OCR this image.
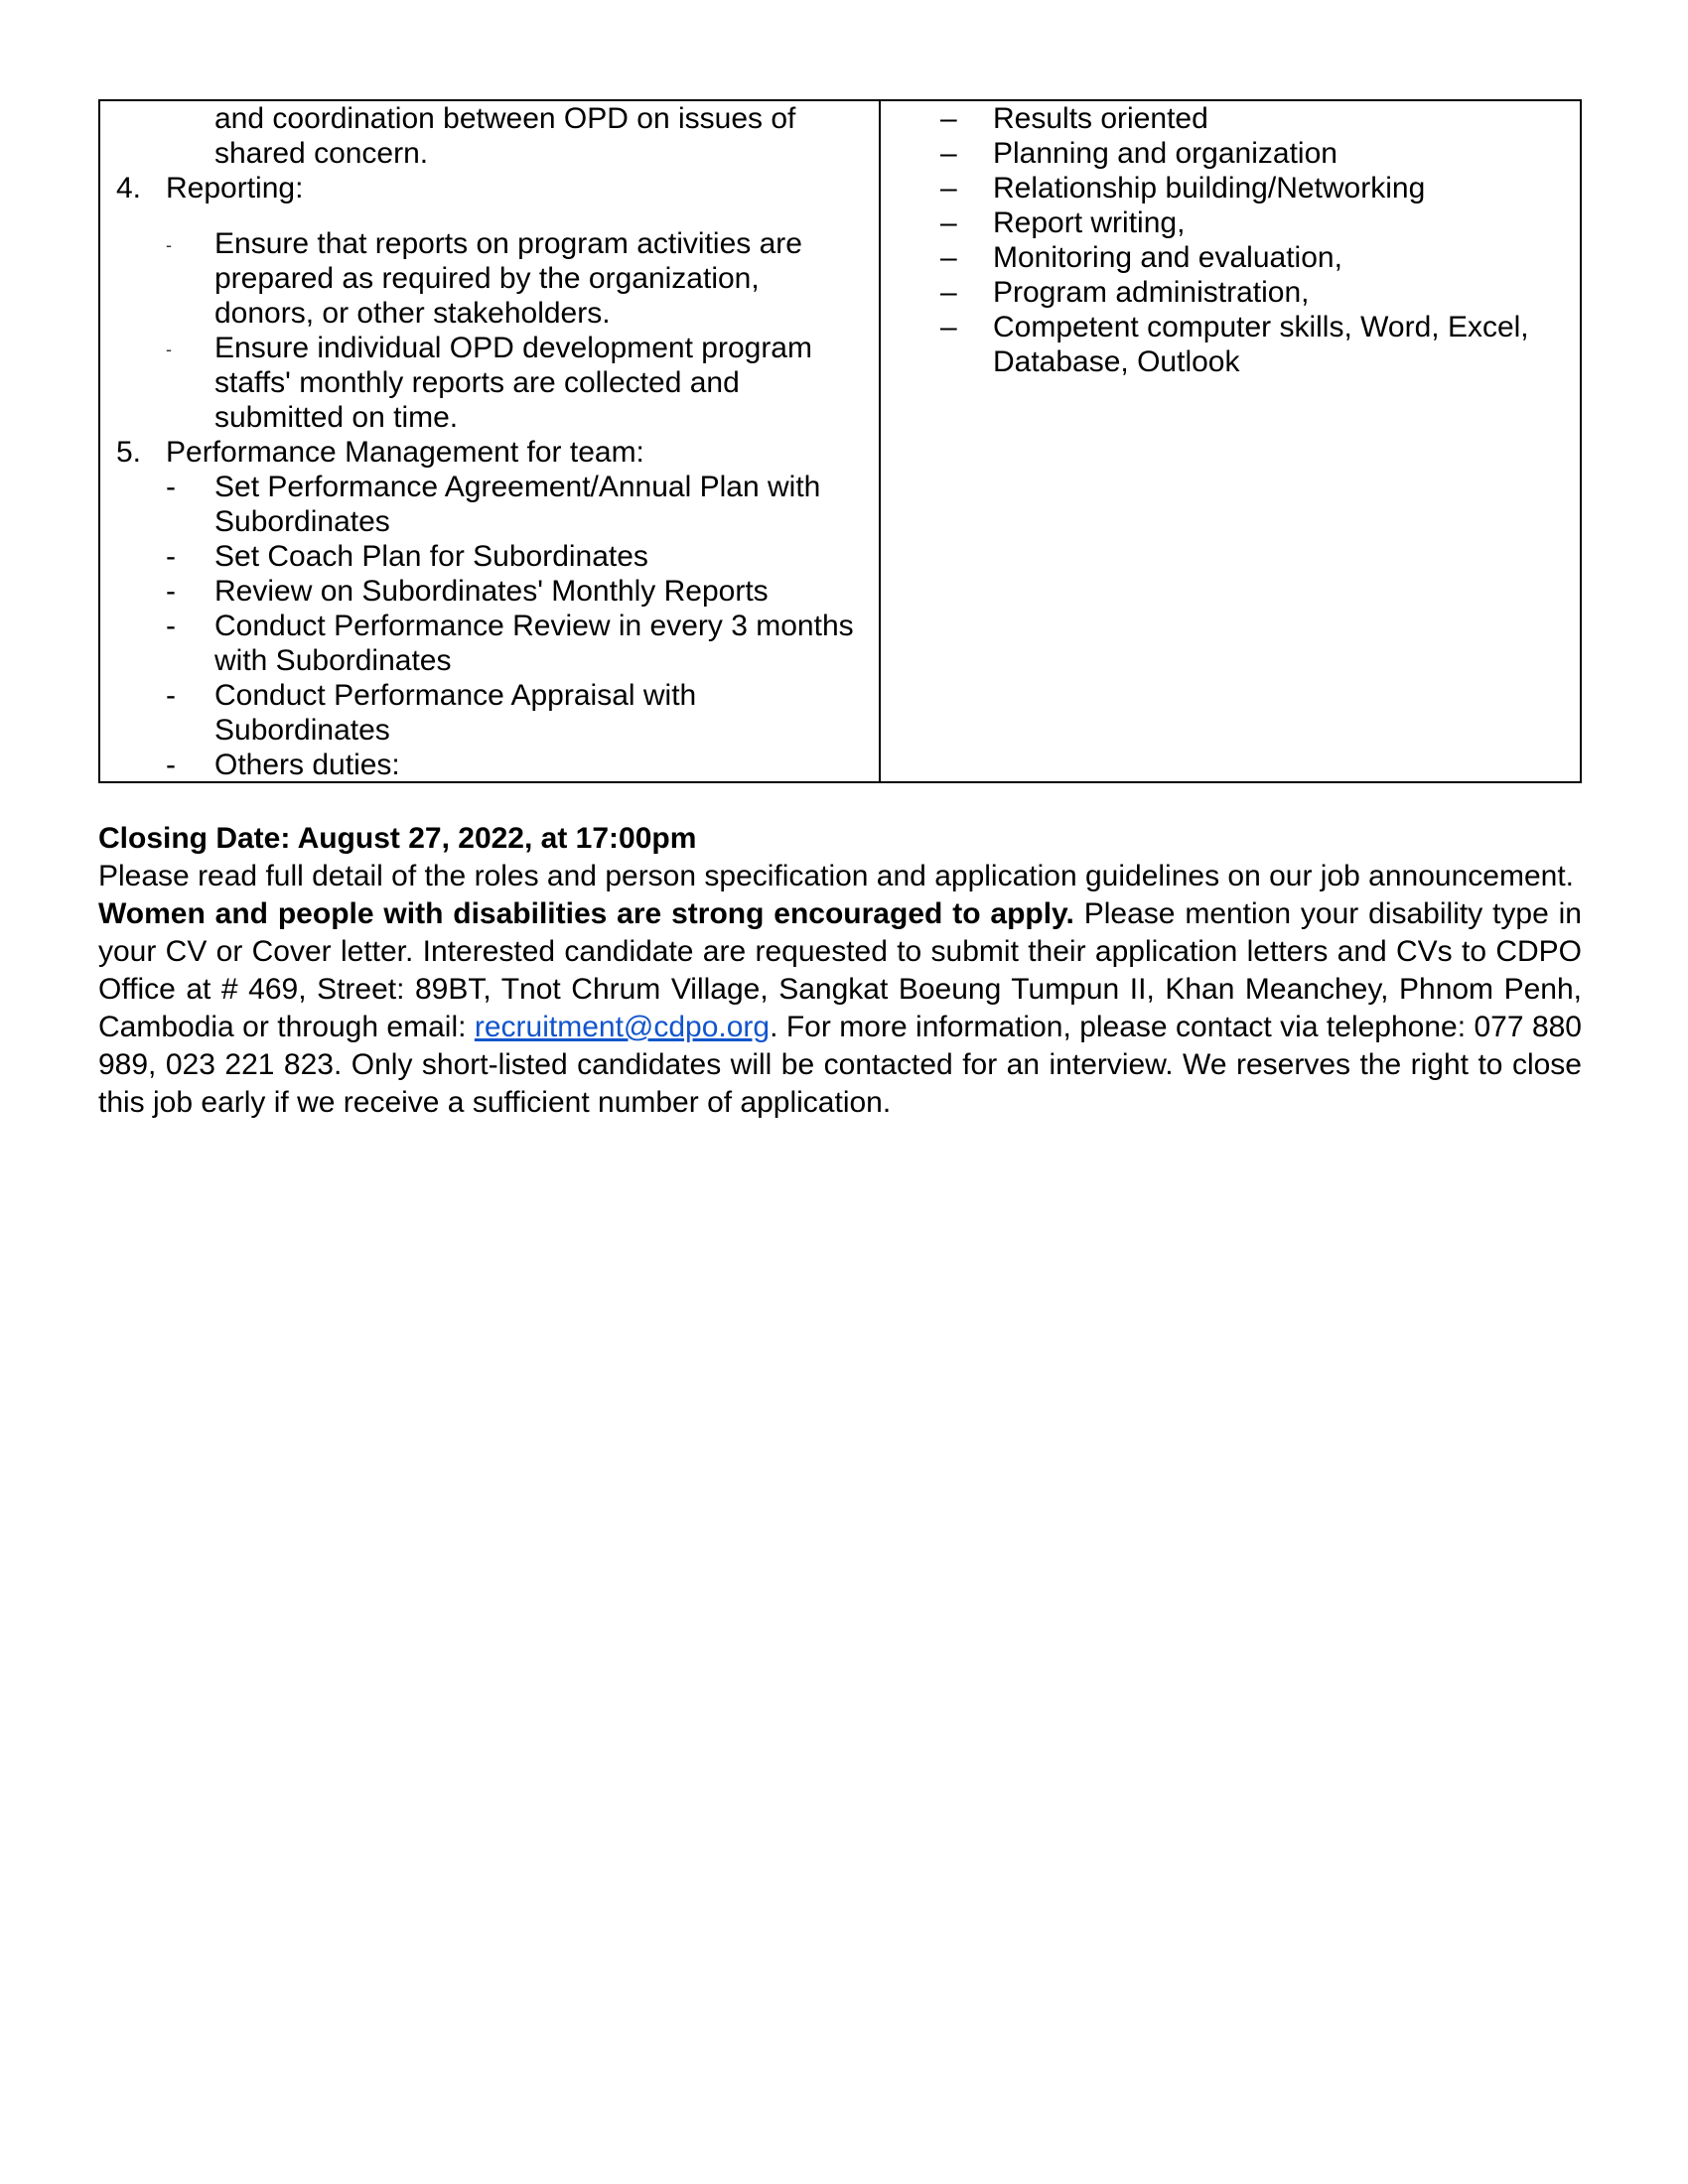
and coordination between OPD on issues of
shared concern.
4. Reporting:
- Ensure that reports on program activities are
prepared as required by the organization,
donors, or other stakeholders.
- Ensure individual OPD development program
staffs' monthly reports are collected and
submitted on time.
5. Performance Management for team:
- Set Performance Agreement/Annual Plan with
Subordinates
- Set Coach Plan for Subordinates
- Review on Subordinates' Monthly Reports
- Conduct Performance Review in every 3 months
with Subordinates
- Conduct Performance Appraisal with
Subordinates
- Others duties:
– Results oriented
– Planning and organization
– Relationship building/Networking
– Report writing,
– Monitoring and evaluation,
– Program administration,
– Competent computer skills, Word, Excel,
Database, Outlook
Closing Date: August 27, 2022, at 17:00pm
Please read full detail of the roles and person specification and application guidelines on our job announcement.
Women and people with disabilities are strong encouraged to apply. Please mention your disability type in your CV or Cover letter. Interested candidate are requested to submit their application letters and CVs to CDPO Office at # 469, Street: 89BT, Tnot Chrum Village, Sangkat Boeung Tumpun II, Khan Meanchey, Phnom Penh, Cambodia or through email: recruitment@cdpo.org. For more information, please contact via telephone: 077 880 989, 023 221 823. Only short-listed candidates will be contacted for an interview. We reserves the right to close this job early if we receive a sufficient number of application.
